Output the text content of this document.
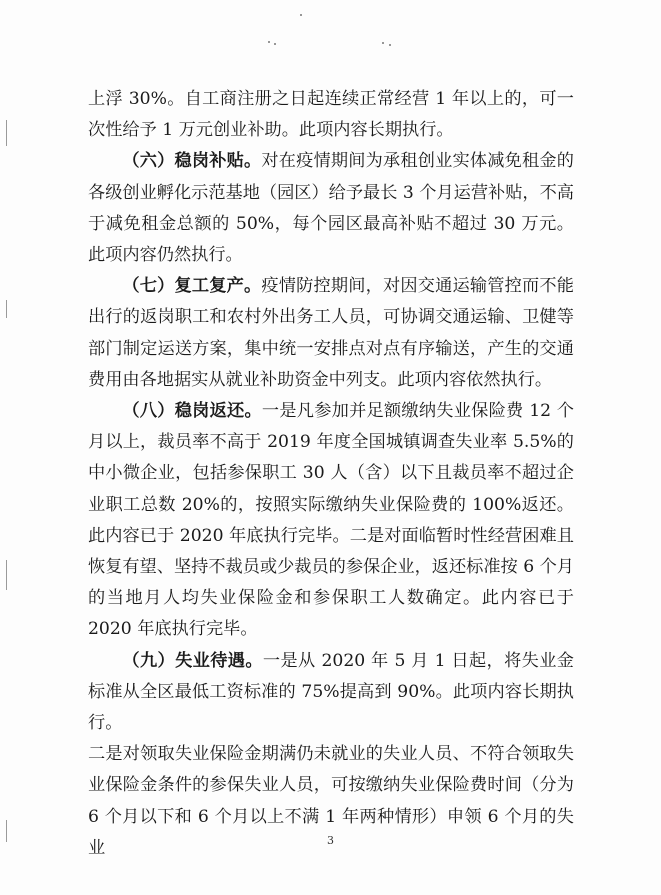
上浮 30%。自工商注册之日起连续正常经营 1 年以上的，可一次性给予 1 万元创业补助。此项内容长期执行。

（六）稳岗补贴。对在疫情期间为承租创业实体减免租金的各级创业孵化示范基地（园区）给予最长 3 个月运营补贴，不高于减免租金总额的 50%，每个园区最高补贴不超过 30 万元。此项内容仍然执行。

（七）复工复产。疫情防控期间，对因交通运输管控而不能出行的返岗职工和农村外出务工人员，可协调交通运输、卫健等部门制定运送方案，集中统一安排点对点有序输送，产生的交通费用由各地据实从就业补助资金中列支。此项内容依然执行。

（八）稳岗返还。一是凡参加并足额缴纳失业保险费 12 个月以上，裁员率不高于 2019 年度全国城镇调查失业率 5.5%的中小微企业，包括参保职工 30 人（含）以下且裁员率不超过企业职工总数 20%的，按照实际缴纳失业保险费的 100%返还。此内容已于 2020 年底执行完毕。二是对面临暂时性经营困难且恢复有望、坚持不裁员或少裁员的参保企业，返还标准按 6 个月的当地月人均失业保险金和参保职工人数确定。此内容已于 2020 年底执行完毕。

（九）失业待遇。一是从 2020 年 5 月 1 日起，将失业金标准从全区最低工资标准的 75%提高到 90%。此项内容长期执行。

二是对领取失业保险金期满仍未就业的失业人员、不符合领取失业保险金条件的参保失业人员，可按缴纳失业保险费时间（分为 6 个月以下和 6 个月以上不满 1 年两种情形）申领 6 个月的失业	3
